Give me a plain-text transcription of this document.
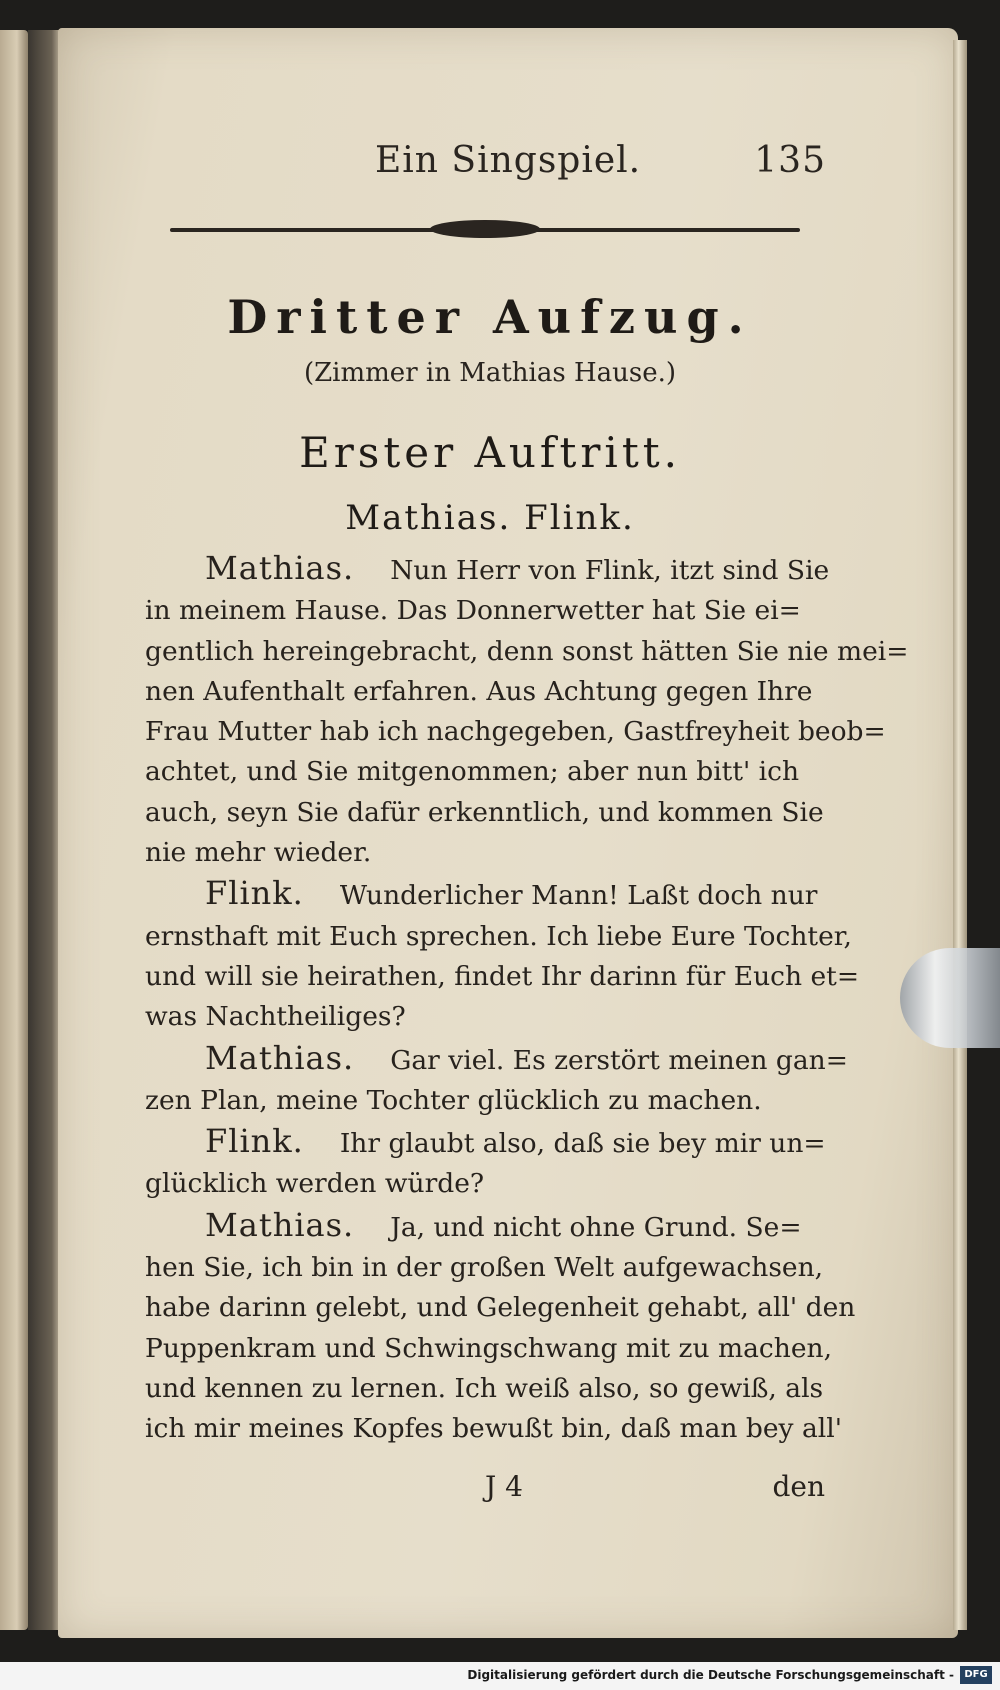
Ein Singspiel.	135
Dritter Aufzug.
(Zimmer in Mathias Hause.)
Erster Auftritt.
Mathias. Flink.
Mathias. Nun Herr von Flink, itzt sind Sie
in meinem Hause. Das Donnerwetter hat Sie ei=
gentlich hereingebracht, denn sonst hätten Sie nie mei=
nen Aufenthalt erfahren. Aus Achtung gegen Ihre
Frau Mutter hab ich nachgegeben, Gastfreyheit beob=
achtet, und Sie mitgenommen; aber nun bitt' ich
auch, seyn Sie dafür erkenntlich, und kommen Sie
nie mehr wieder.
Flink. Wunderlicher Mann! Laßt doch nur
ernsthaft mit Euch sprechen. Ich liebe Eure Tochter,
und will sie heirathen, findet Ihr darinn für Euch et=
was Nachtheiliges?
Mathias. Gar viel. Es zerstört meinen gan=
zen Plan, meine Tochter glücklich zu machen.
Flink. Ihr glaubt also, daß sie bey mir un=
glücklich werden würde?
Mathias. Ja, und nicht ohne Grund. Se=
hen Sie, ich bin in der großen Welt aufgewachsen,
habe darinn gelebt, und Gelegenheit gehabt, all' den
Puppenkram und Schwingschwang mit zu machen,
und kennen zu lernen. Ich weiß also, so gewiß, als
ich mir meines Kopfes bewußt bin, daß man bey all'
J 4	den
Digitalisierung gefördert durch die Deutsche Forschungsgemeinschaft -	DFG
